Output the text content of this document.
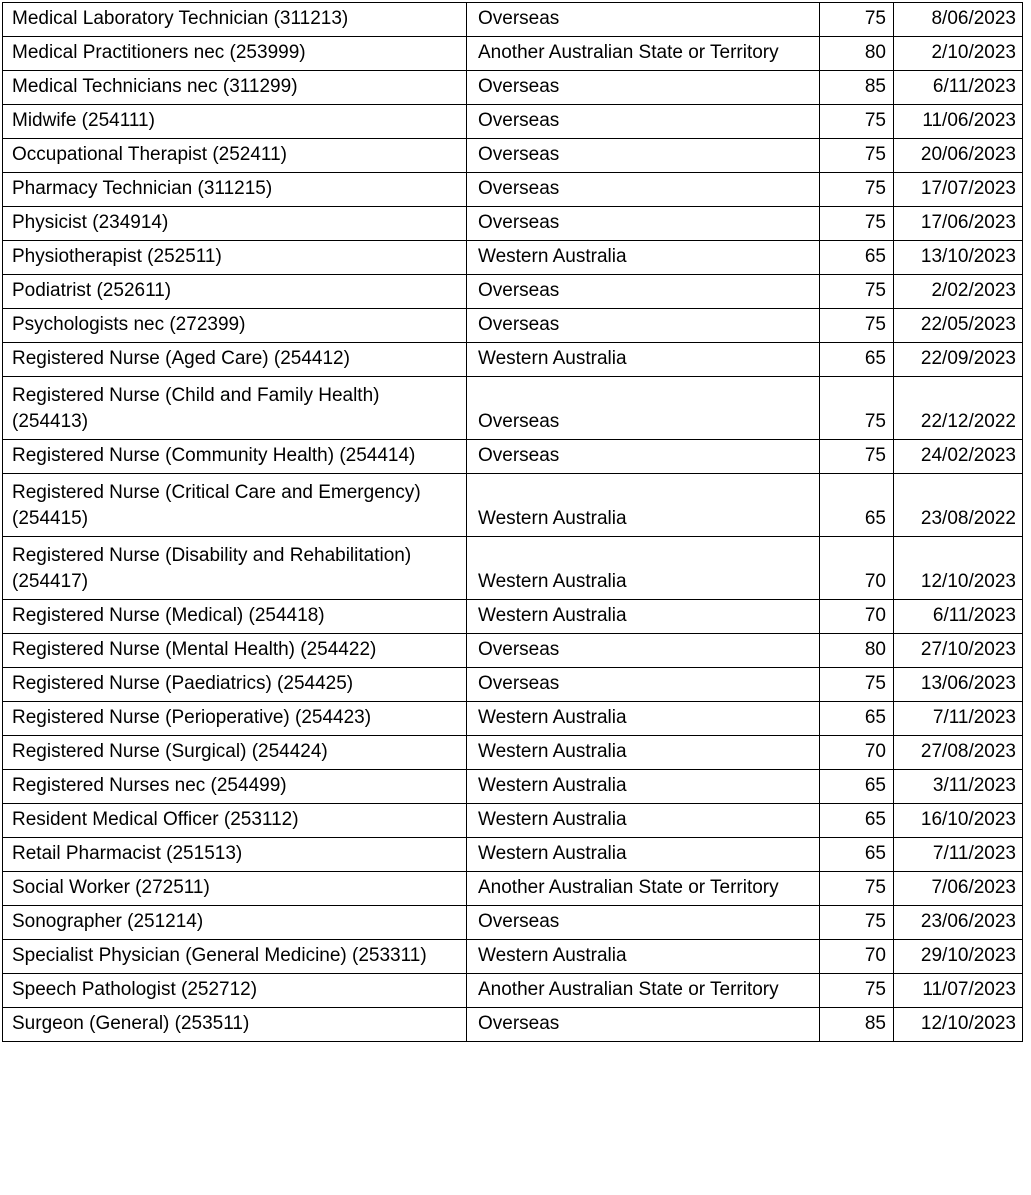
Medical Laboratory Technician (311213)	Overseas	75	8/06/2023
Medical Practitioners nec (253999)	Another Australian State or Territory	80	2/10/2023
Medical Technicians nec (311299)	Overseas	85	6/11/2023
Midwife (254111)	Overseas	75	11/06/2023
Occupational Therapist (252411)	Overseas	75	20/06/2023
Pharmacy Technician (311215)	Overseas	75	17/07/2023
Physicist (234914)	Overseas	75	17/06/2023
Physiotherapist (252511)	Western Australia	65	13/10/2023
Podiatrist (252611)	Overseas	75	2/02/2023
Psychologists nec (272399)	Overseas	75	22/05/2023
Registered Nurse (Aged Care) (254412)	Western Australia	65	22/09/2023
Registered Nurse (Child and Family Health) (254413)	Overseas	75	22/12/2022
Registered Nurse (Community Health) (254414)	Overseas	75	24/02/2023
Registered Nurse (Critical Care and Emergency) (254415)	Western Australia	65	23/08/2022
Registered Nurse (Disability and Rehabilitation) (254417)	Western Australia	70	12/10/2023
Registered Nurse (Medical) (254418)	Western Australia	70	6/11/2023
Registered Nurse (Mental Health) (254422)	Overseas	80	27/10/2023
Registered Nurse (Paediatrics) (254425)	Overseas	75	13/06/2023
Registered Nurse (Perioperative) (254423)	Western Australia	65	7/11/2023
Registered Nurse (Surgical) (254424)	Western Australia	70	27/08/2023
Registered Nurses nec (254499)	Western Australia	65	3/11/2023
Resident Medical Officer (253112)	Western Australia	65	16/10/2023
Retail Pharmacist (251513)	Western Australia	65	7/11/2023
Social Worker (272511)	Another Australian State or Territory	75	7/06/2023
Sonographer (251214)	Overseas	75	23/06/2023
Specialist Physician (General Medicine) (253311)	Western Australia	70	29/10/2023
Speech Pathologist (252712)	Another Australian State or Territory	75	11/07/2023
Surgeon (General) (253511)	Overseas	85	12/10/2023
